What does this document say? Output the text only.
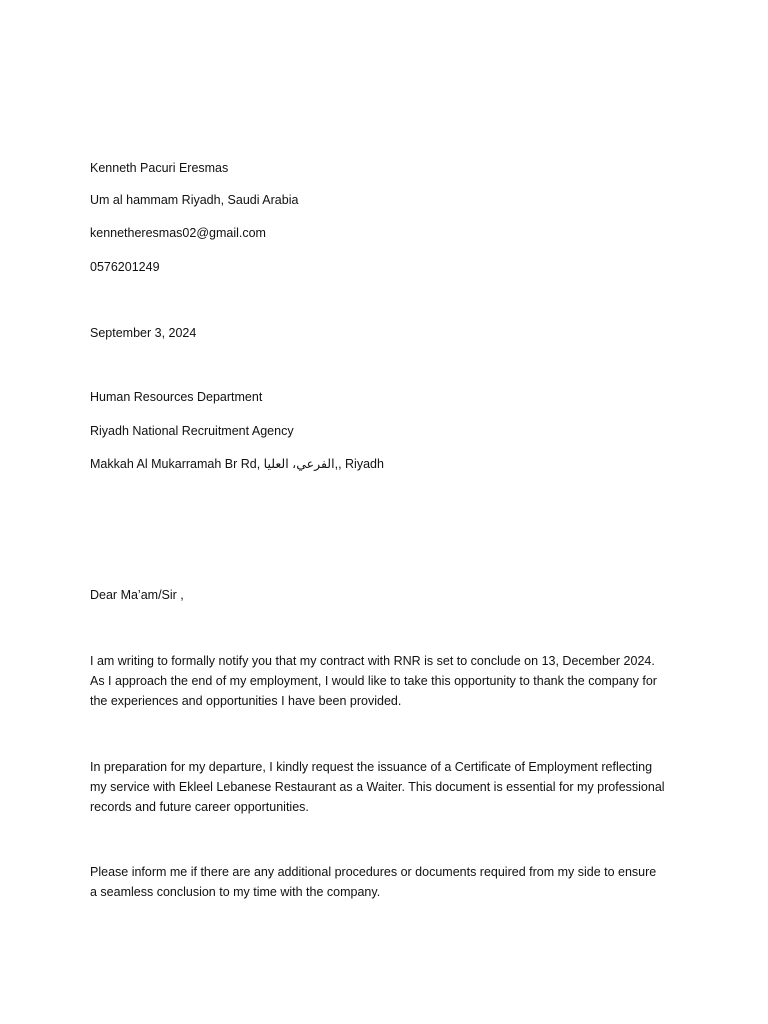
Kenneth Pacuri Eresmas

Um al hammam Riyadh, Saudi Arabia

kennetheresmas02@gmail.com

0576201249

September 3, 2024

Human Resources Department

Riyadh National Recruitment Agency

Makkah Al Mukarramah Br Rd, الفرعي، العليا,, Riyadh

Dear Ma’am/Sir ,

I am writing to formally notify you that my contract with RNR is set to conclude on 13, December 2024.
As I approach the end of my employment, I would like to take this opportunity to thank the company for
the experiences and opportunities I have been provided.
In preparation for my departure, I kindly request the issuance of a Certificate of Employment reflecting
my service with Ekleel Lebanese Restaurant as a Waiter. This document is essential for my professional
records and future career opportunities.
Please inform me if there are any additional procedures or documents required from my side to ensure
a seamless conclusion to my time with the company.
